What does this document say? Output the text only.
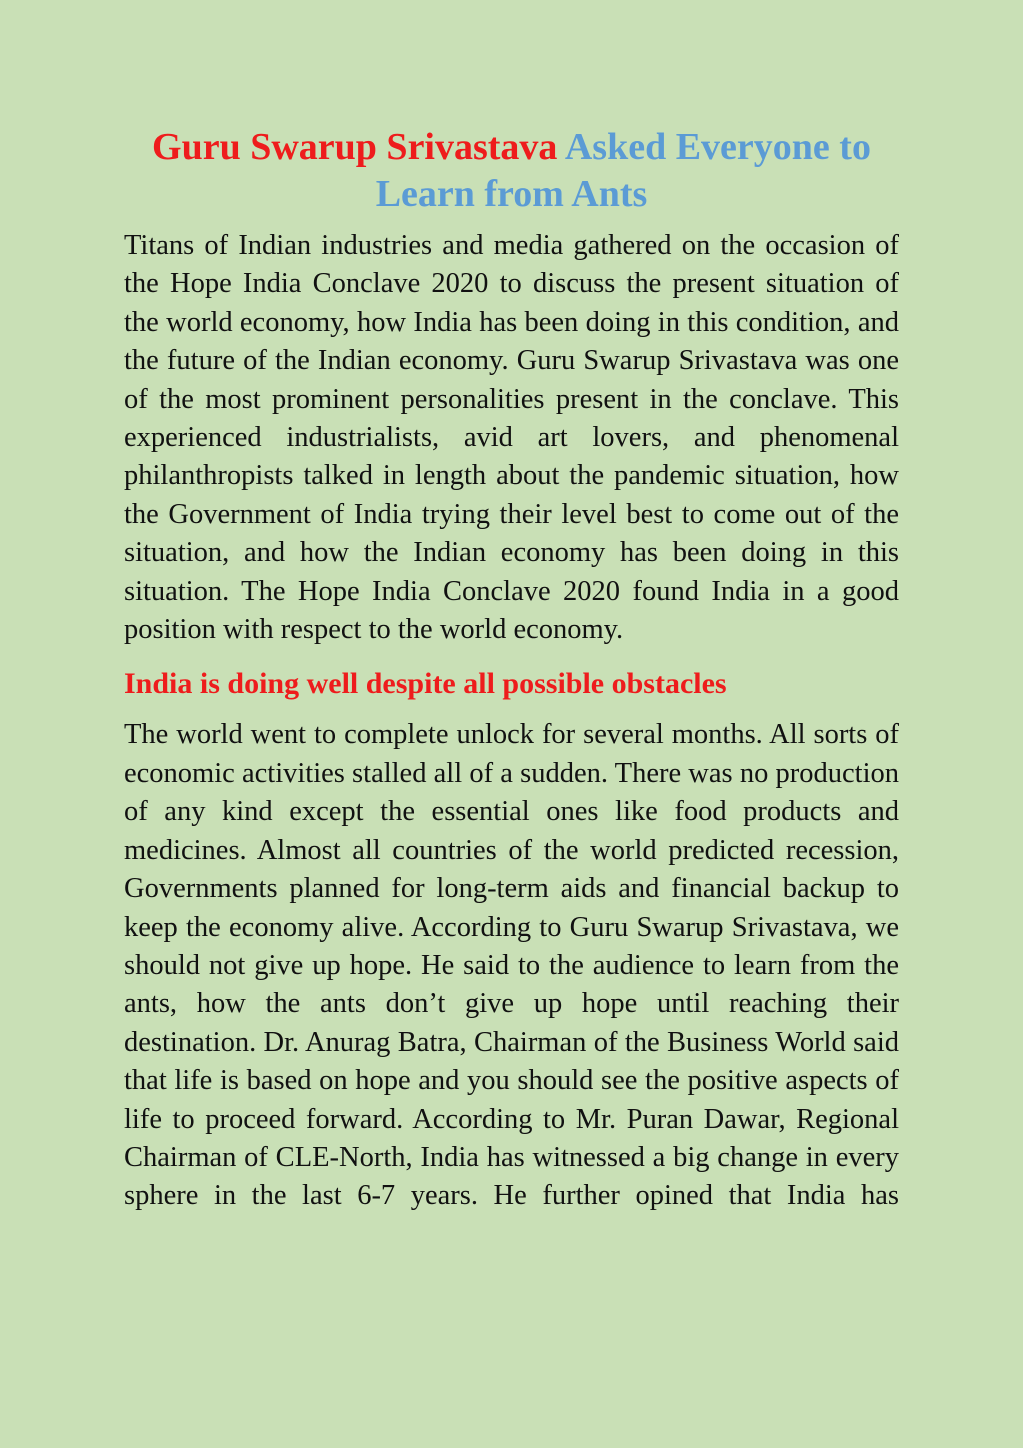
Guru Swarup Srivastava Asked Everyone to Learn from Ants

Titans of Indian industries and media gathered on the occasion of the Hope India Conclave 2020 to discuss the present situation of the world economy, how India has been doing in this condition, and the future of the Indian economy. Guru Swarup Srivastava was one of the most prominent personalities present in the conclave. This experienced industrialists, avid art lovers, and phenomenal philanthropists talked in length about the pandemic situation, how the Government of India trying their level best to come out of the situation, and how the Indian economy has been doing in this situation. The Hope India Conclave 2020 found India in a good position with respect to the world economy.

India is doing well despite all possible obstacles

The world went to complete unlock for several months. All sorts of economic activities stalled all of a sudden. There was no production of any kind except the essential ones like food products and medicines. Almost all countries of the world predicted recession, Governments planned for long-term aids and financial backup to keep the economy alive. According to Guru Swarup Srivastava, we should not give up hope. He said to the audience to learn from the ants, how the ants don’t give up hope until reaching their destination. Dr. Anurag Batra, Chairman of the Business World said that life is based on hope and you should see the positive aspects of life to proceed forward. According to Mr. Puran Dawar, Regional Chairman of CLE-North, India has witnessed a big change in every sphere in the last 6-7 years. He further opined that India has
